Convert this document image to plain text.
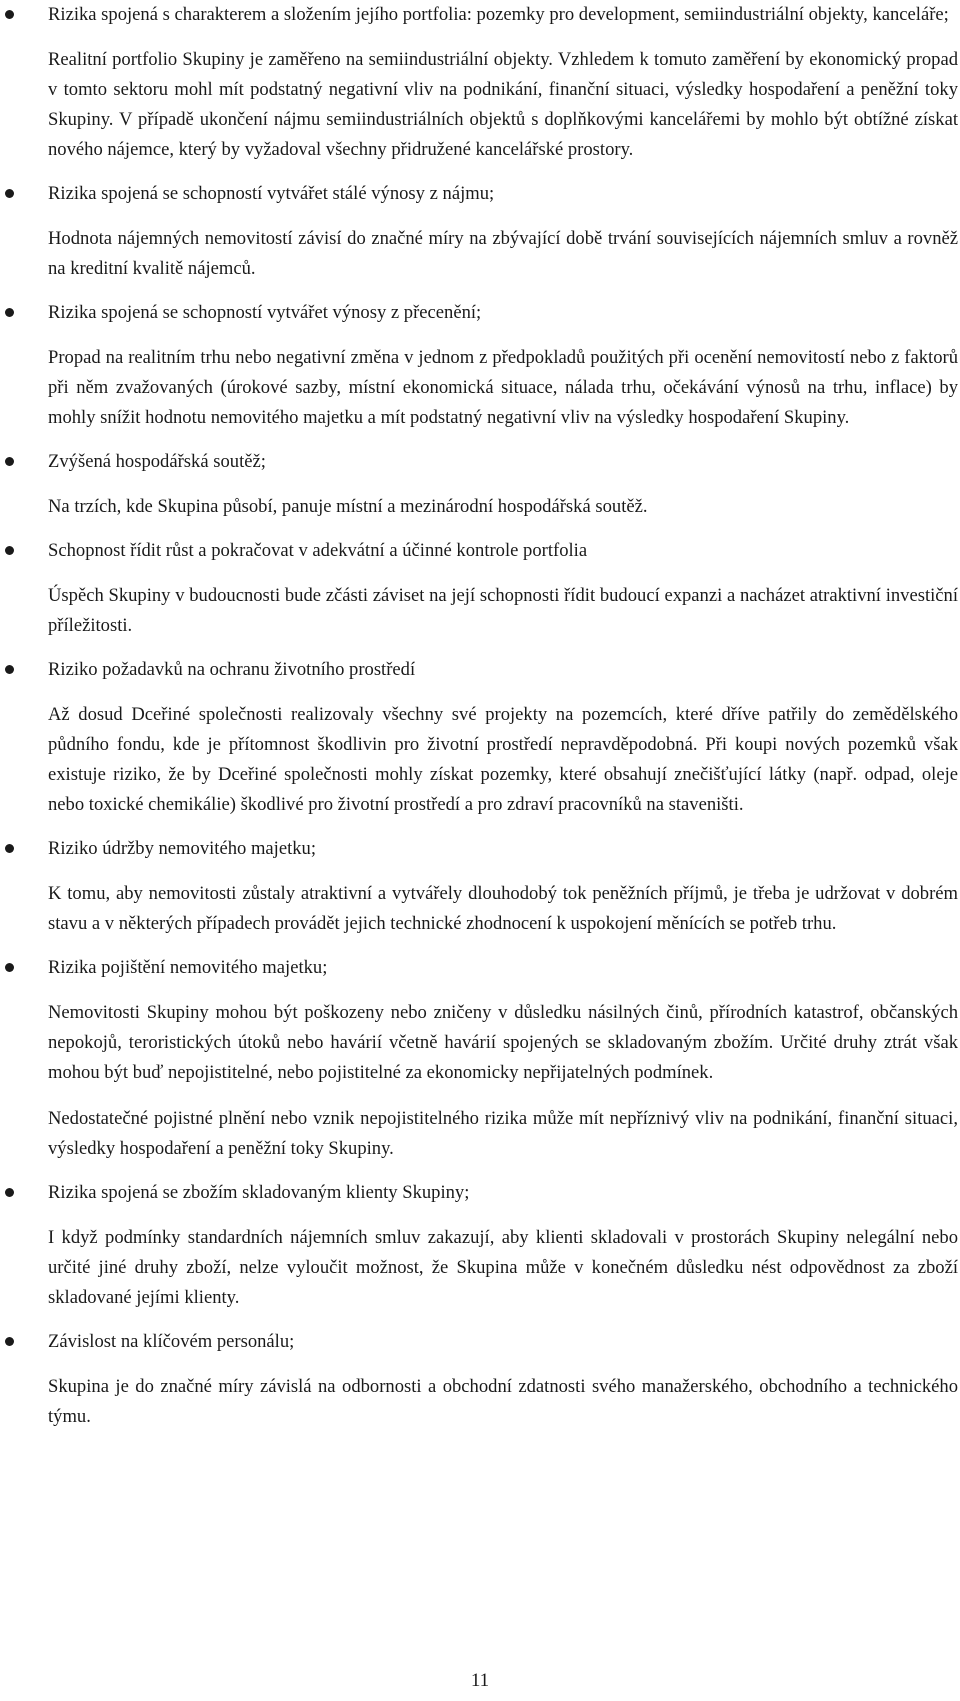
Rizika spojená s charakterem a složením jejího portfolia: pozemky pro development, semiindustriální objekty, kanceláře;

Realitní portfolio Skupiny je zaměřeno na semiindustriální objekty. Vzhledem k tomuto zaměření by ekonomický propad v tomto sektoru mohl mít podstatný negativní vliv na podnikání, finanční situaci, výsledky hospodaření a peněžní toky Skupiny. V případě ukončení nájmu semiindustriálních objektů s doplňkovými kancelářemi by mohlo být obtížné získat nového nájemce, který by vyžadoval všechny přidružené kancelářské prostory.

Rizika spojená se schopností vytvářet stálé výnosy z nájmu;

Hodnota nájemných nemovitostí závisí do značné míry na zbývající době trvání souvisejících nájemních smluv a rovněž na kreditní kvalitě nájemců.

Rizika spojená se schopností vytvářet výnosy z přecenění;

Propad na realitním trhu nebo negativní změna v jednom z předpokladů použitých při ocenění nemovitostí nebo z faktorů při něm zvažovaných (úrokové sazby, místní ekonomická situace, nálada trhu, očekávání výnosů na trhu, inflace) by mohly snížit hodnotu nemovitého majetku a mít podstatný negativní vliv na výsledky hospodaření Skupiny.

Zvýšená hospodářská soutěž;

Na trzích, kde Skupina působí, panuje místní a mezinárodní hospodářská soutěž.

Schopnost řídit růst a pokračovat v adekvátní a účinné kontrole portfolia

Úspěch Skupiny v budoucnosti bude zčásti záviset na její schopnosti řídit budoucí expanzi a nacházet atraktivní investiční příležitosti.

Riziko požadavků na ochranu životního prostředí

Až dosud Dceřiné společnosti realizovaly všechny své projekty na pozemcích, které dříve patřily do zemědělského půdního fondu, kde je přítomnost škodlivin pro životní prostředí nepravděpodobná. Při koupi nových pozemků však existuje riziko, že by Dceřiné společnosti mohly získat pozemky, které obsahují znečišťující látky (např. odpad, oleje nebo toxické chemikálie) škodlivé pro životní prostředí a pro zdraví pracovníků na staveništi.

Riziko údržby nemovitého majetku;

K tomu, aby nemovitosti zůstaly atraktivní a vytvářely dlouhodobý tok peněžních příjmů, je třeba je udržovat v dobrém stavu a v některých případech provádět jejich technické zhodnocení k uspokojení měnících se potřeb trhu.

Rizika pojištění nemovitého majetku;

Nemovitosti Skupiny mohou být poškozeny nebo zničeny v důsledku násilných činů, přírodních katastrof, občanských nepokojů, teroristických útoků nebo havárií včetně havárií spojených se skladovaným zbožím. Určité druhy ztrát však mohou být buď nepojistitelné, nebo pojistitelné za ekonomicky nepřijatelných podmínek.

Nedostatečné pojistné plnění nebo vznik nepojistitelného rizika může mít nepříznivý vliv na podnikání, finanční situaci, výsledky hospodaření a peněžní toky Skupiny.

Rizika spojená se zbožím skladovaným klienty Skupiny;

I když podmínky standardních nájemních smluv zakazují, aby klienti skladovali v prostorách Skupiny nelegální nebo určité jiné druhy zboží, nelze vyloučit možnost, že Skupina může v konečném důsledku nést odpovědnost za zboží skladované jejími klienty.

Závislost na klíčovém personálu;

Skupina je do značné míry závislá na odbornosti a obchodní zdatnosti svého manažerského, obchodního a technického týmu.

11
